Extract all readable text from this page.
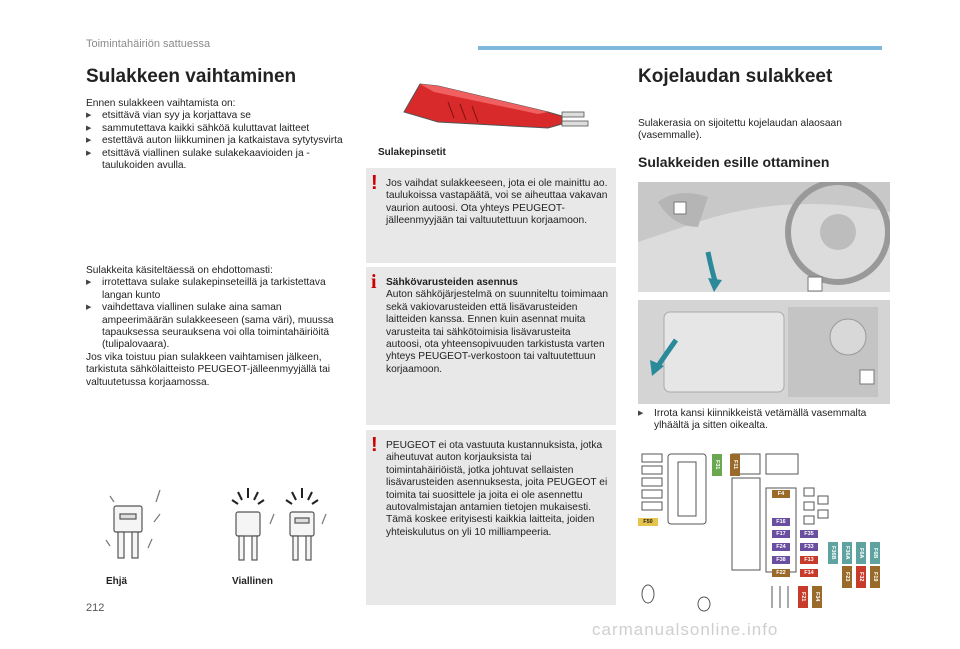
Toimintahäiriön sattuessa
Sulakkeen vaihtaminen
Ennen sulakkeen vaihtamista on:
▶ etsittävä vian syy ja korjattava se
▶ sammutettava kaikki sähköä kuluttavat laitteet
▶ estettävä auton liikkuminen ja katkaistava sytytysvirta
▶ etsittävä viallinen sulake sulakekaavioiden ja -taulukoiden avulla.
Sulakkeita käsiteltäessä on ehdottomasti:
▶ irrotettava sulake sulakepinseteillä ja tarkistettava langan kunto
▶ vaihdettava viallinen sulake aina saman ampeerimäärän sulakkeeseen (sama väri), muussa tapauksessa seurauksena voi olla toimintahäiriöitä (tulipalovaara).
Jos vika toistuu pian sulakkeen vaihtamisen jälkeen, tarkistuta sähkölaitteisto PEUGEOT-jälleenmyyjällä tai valtuutetussa korjaamossa.
Ehjä	Viallinen
Sulakepinsetit
! Jos vaihdat sulakkeeseen, jota ei ole mainittu ao. taulukoissa vastapäätä, voi se aiheuttaa vakavan vaurion autoosi. Ota yhteys PEUGEOT-jälleenmyyjään tai valtuutettuun korjaamoon.
i Sähkövarusteiden asennus
Auton sähköjärjestelmä on suunniteltu toimimaan sekä vakiovarusteiden että lisävarusteiden laitteiden kanssa. Ennen kuin asennat muita varusteita tai sähkötoimisia lisävarusteita autoosi, ota yhteensopivuuden tarkistusta varten yhteys PEUGEOT-verkostoon tai valtuutettuun korjaamoon.
! PEUGEOT ei ota vastuuta kustannuksista, jotka aiheutuvat auton korjauksista tai toimintahäiriöistä, jotka johtuvat sellaisten lisävarusteiden asennuksesta, joita PEUGEOT ei toimita tai suosittele ja joita ei ole asennettu autovalmistajan antamien tietojen mukaisesti. Tämä koskee erityisesti kaikkia laitteita, joiden yhteiskulutus on yli 10 milliampeeria.
Kojelaudan sulakkeet
Sulakerasia on sijoitettu kojelaudan alaosaan (vasemmalle).
Sulakkeiden esille ottaminen
▶ Irrota kansi kiinnikkeistä vetämällä vasemmalta ylhäältä ja sitten oikealta.
F50
F31	F11
F4
F16
F17	F35
F24	F33
F38	F13
F22	F14
F36B	F36A	F6A	F6B
F23	F32	F19
F21	F34
212
carmanualsonline.info
